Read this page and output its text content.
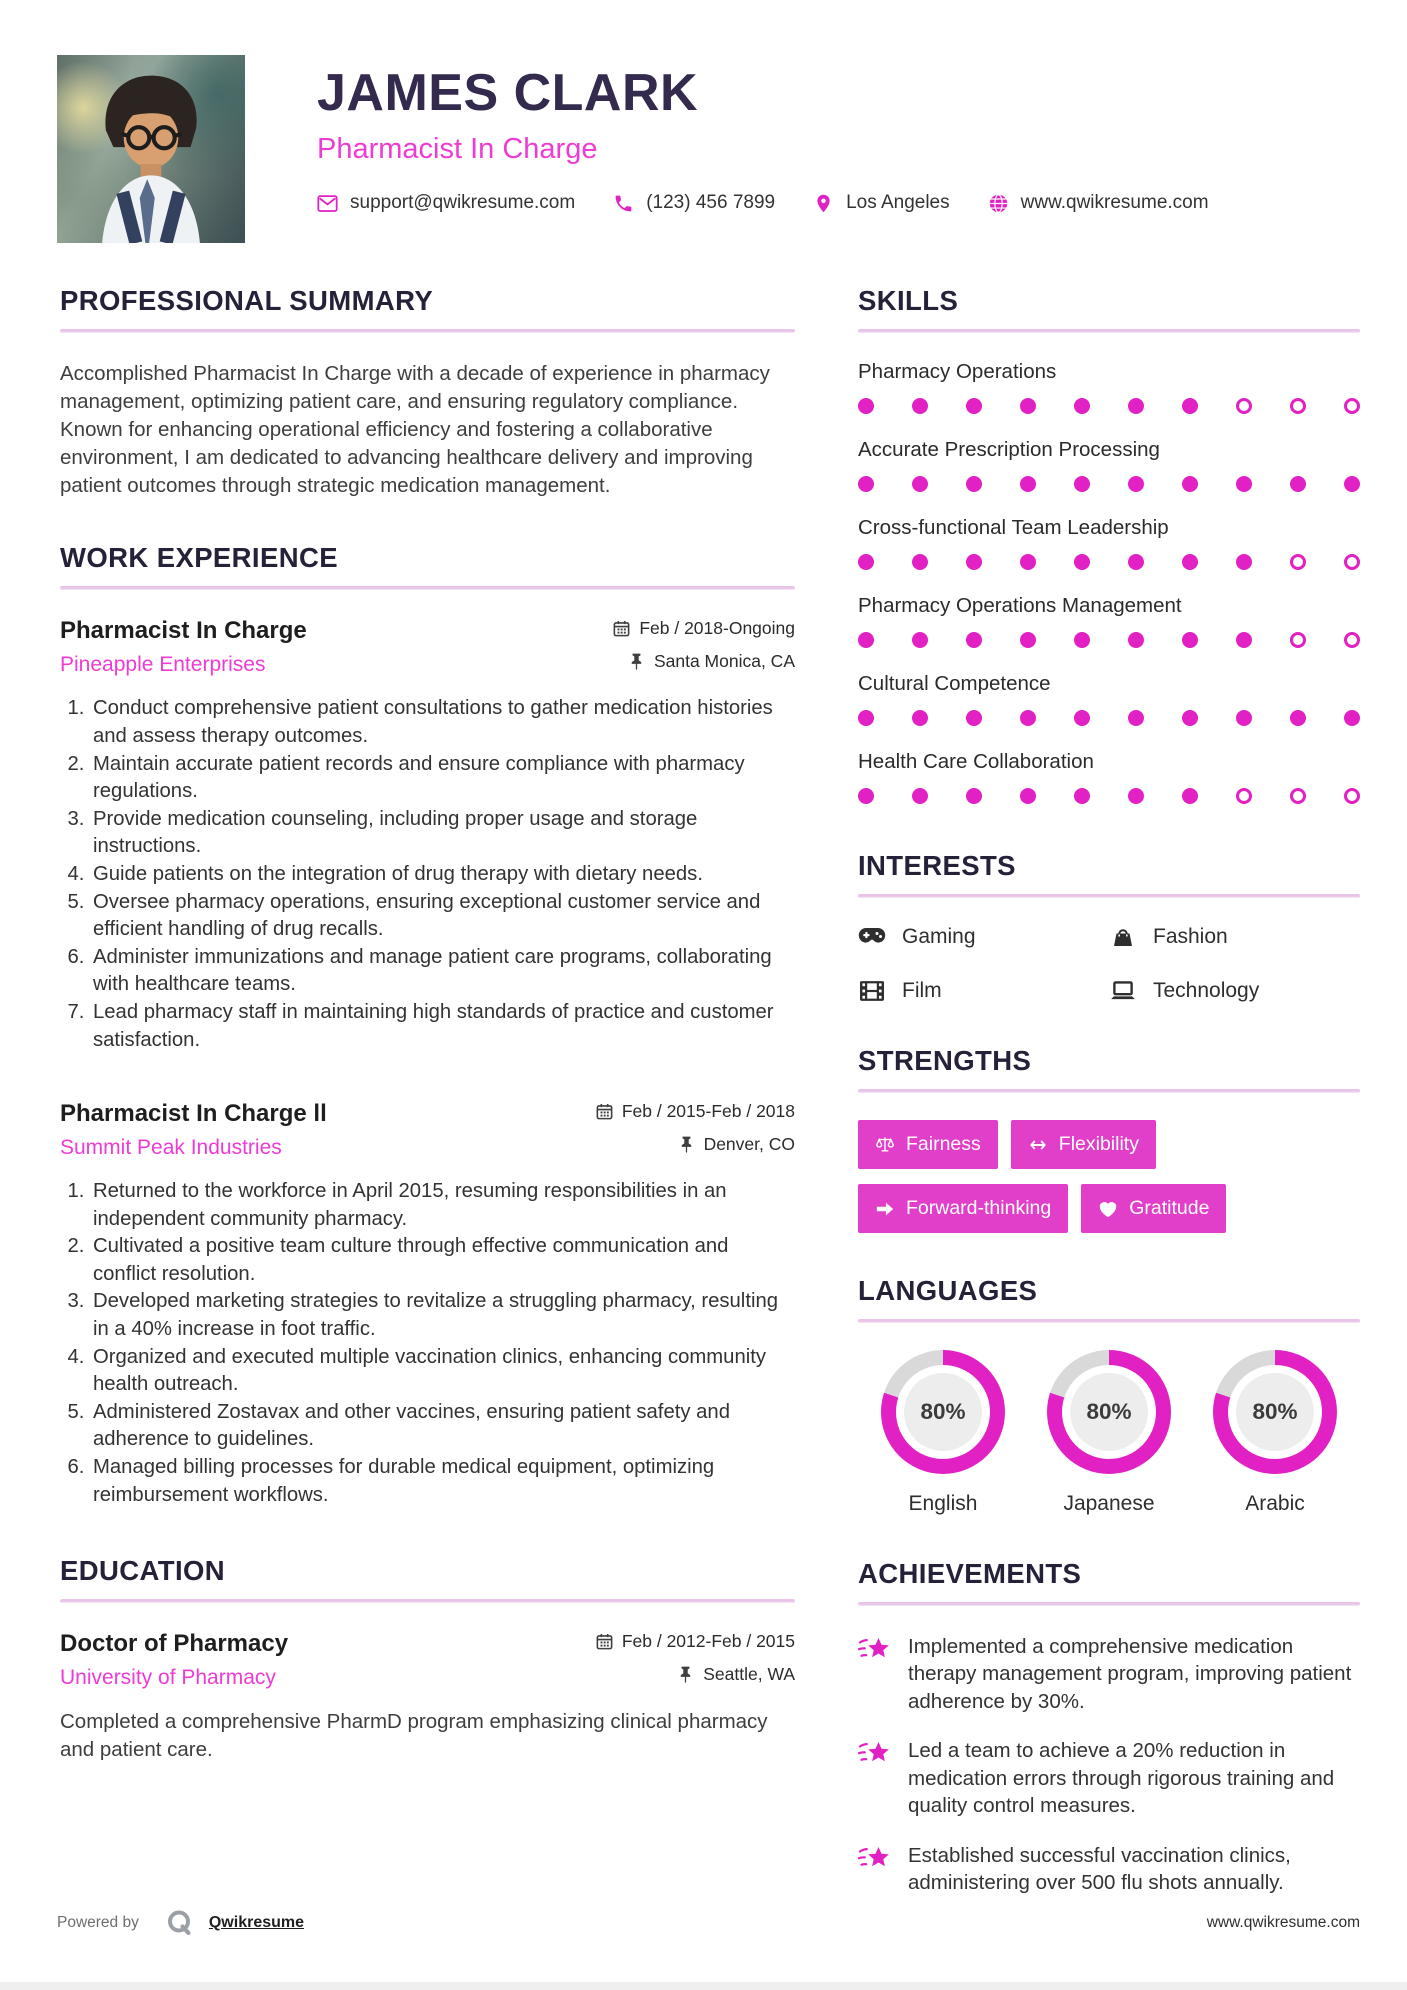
JAMES CLARK
Pharmacist In Charge
support@qwikresume.com	(123) 456 7899	Los Angeles	www.qwikresume.com
PROFESSIONAL SUMMARY

Accomplished Pharmacist In Charge with a decade of experience in pharmacy management, optimizing patient care, and ensuring regulatory compliance. Known for enhancing operational efficiency and fostering a collaborative environment, I am dedicated to advancing healthcare delivery and improving patient outcomes through strategic medication management.

WORK EXPERIENCE
Pharmacist In Charge	Feb / 2018-Ongoing
Pineapple Enterprises	Santa Monica, CA
1. Conduct comprehensive patient consultations to gather medication histories and assess therapy outcomes.
2. Maintain accurate patient records and ensure compliance with pharmacy regulations.
3. Provide medication counseling, including proper usage and storage instructions.
4. Guide patients on the integration of drug therapy with dietary needs.
5. Oversee pharmacy operations, ensuring exceptional customer service and efficient handling of drug recalls.
6. Administer immunizations and manage patient care programs, collaborating with healthcare teams.
7. Lead pharmacy staff in maintaining high standards of practice and customer satisfaction.
Pharmacist In Charge ll	Feb / 2015-Feb / 2018
Summit Peak Industries	Denver, CO
1. Returned to the workforce in April 2015, resuming responsibilities in an independent community pharmacy.
2. Cultivated a positive team culture through effective communication and conflict resolution.
3. Developed marketing strategies to revitalize a struggling pharmacy, resulting in a 40% increase in foot traffic.
4. Organized and executed multiple vaccination clinics, enhancing community health outreach.
5. Administered Zostavax and other vaccines, ensuring patient safety and adherence to guidelines.
6. Managed billing processes for durable medical equipment, optimizing reimbursement workflows.
EDUCATION
Doctor of Pharmacy	Feb / 2012-Feb / 2015
University of Pharmacy	Seattle, WA

Completed a comprehensive PharmD program emphasizing clinical pharmacy and patient care.

SKILLS
Pharmacy Operations
Accurate Prescription Processing
Cross-functional Team Leadership
Pharmacy Operations Management
Cultural Competence
Health Care Collaboration
INTERESTS
Gaming	Fashion
Film	Technology
STRENGTHS
Fairness	Flexibility
Forward-thinking	Gratitude
LANGUAGES
80%
English
80%
Japanese
80%
Arabic
ACHIEVEMENTS

Implemented a comprehensive medication therapy management program, improving patient adherence by 30%.

Led a team to achieve a 20% reduction in medication errors through rigorous training and quality control measures.

Established successful vaccination clinics, administering over 500 flu shots annually.

Powered by	Qwikresume	www.qwikresume.com
